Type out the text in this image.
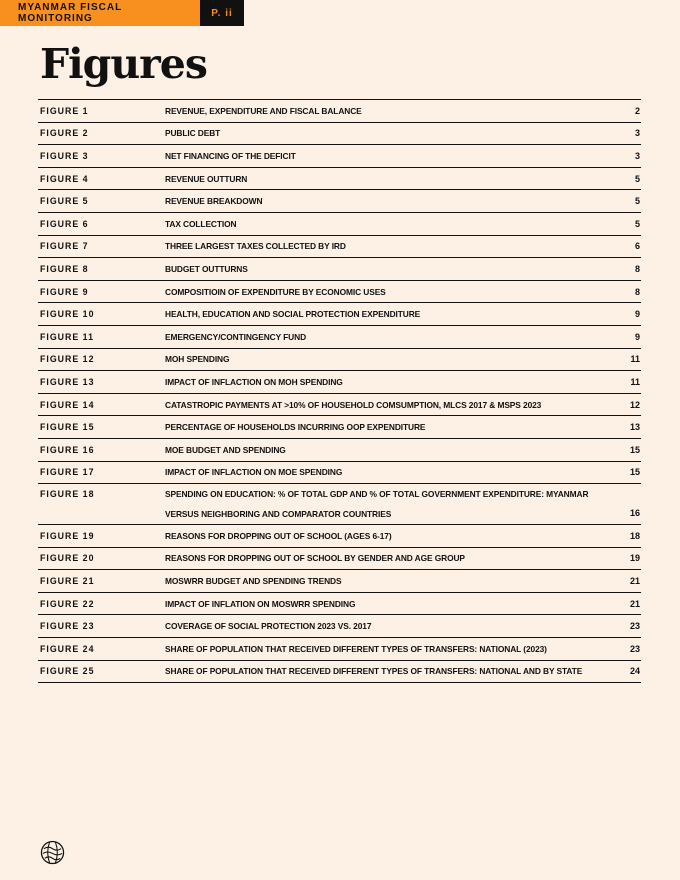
MYANMAR FISCAL MONITORING	P. ii
Figures
FIGURE 1	REVENUE, EXPENDITURE AND FISCAL BALANCE	2
FIGURE 2	PUBLIC DEBT	3
FIGURE 3	NET FINANCING OF THE DEFICIT	3
FIGURE 4	REVENUE OUTTURN	5
FIGURE 5	REVENUE BREAKDOWN	5
FIGURE 6	TAX COLLECTION	5
FIGURE 7	THREE LARGEST TAXES COLLECTED BY IRD	6
FIGURE 8	BUDGET OUTTURNS	8
FIGURE 9	COMPOSITIOIN OF EXPENDITURE BY ECONOMIC USES	8
FIGURE 10	HEALTH, EDUCATION AND SOCIAL PROTECTION EXPENDITURE	9
FIGURE 11	EMERGENCY/CONTINGENCY FUND	9
FIGURE 12	MOH SPENDING	11
FIGURE 13	IMPACT OF INFLACTION ON MOH SPENDING	11
FIGURE 14	CATASTROPIC PAYMENTS AT >10% OF HOUSEHOLD COMSUMPTION, MLCS 2017 & MSPS 2023	12
FIGURE 15	PERCENTAGE OF HOUSEHOLDS INCURRING OOP EXPENDITURE	13
FIGURE 16	MOE BUDGET AND SPENDING	15
FIGURE 17	IMPACT OF INFLACTION ON MOE SPENDING	15
FIGURE 18	SPENDING ON EDUCATION: % OF TOTAL GDP AND % OF TOTAL GOVERNMENT EXPENDITURE: MYANMAR VERSUS NEIGHBORING AND COMPARATOR COUNTRIES	16
FIGURE 19	REASONS FOR DROPPING OUT OF SCHOOL (AGES 6-17)	18
FIGURE 20	REASONS FOR DROPPING OUT OF SCHOOL BY GENDER AND AGE GROUP	19
FIGURE 21	MOSWRR BUDGET AND SPENDING TRENDS	21
FIGURE 22	IMPACT OF INFLATION ON MOSWRR SPENDING	21
FIGURE 23	COVERAGE OF SOCIAL PROTECTION 2023 VS. 2017	23
FIGURE 24	SHARE OF POPULATION THAT RECEIVED DIFFERENT TYPES OF TRANSFERS: NATIONAL (2023)	23
FIGURE 25	SHARE OF POPULATION THAT RECEIVED DIFFERENT TYPES OF TRANSFERS: NATIONAL AND BY STATE	24
